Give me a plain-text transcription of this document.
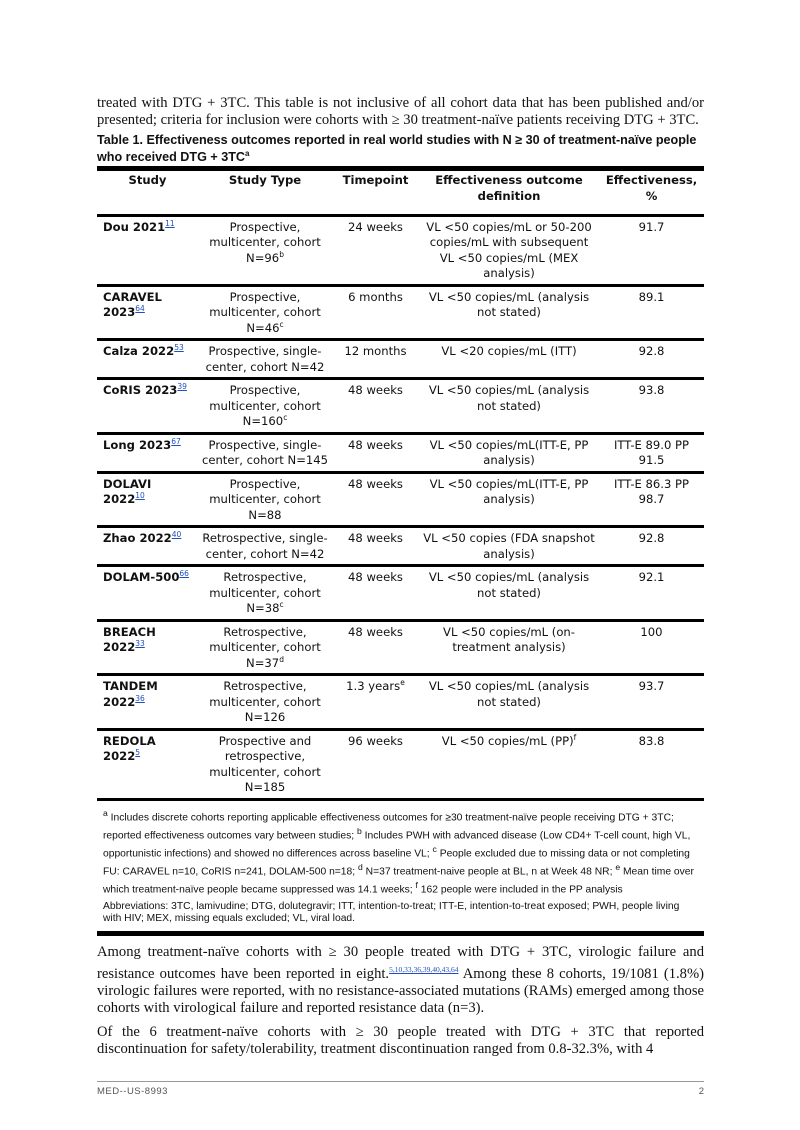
treated with DTG + 3TC. This table is not inclusive of all cohort data that has been published and/or presented; criteria for inclusion were cohorts with ≥ 30 treatment-naïve patients receiving DTG + 3TC.

Table 1. Effectiveness outcomes reported in real world studies with N ≥ 30 of treatment-naïve people who received DTG + $3TC^a$
Study	Study Type	Timepoint	Effectiveness outcome definition	Effectiveness, %
Dou 2021$^{11}$	Prospective, multicenter, cohort $N=96^b$	24 weeks	VL <50 copies/mL or 50-200 copies/mL with subsequent VL <50 copies/mL (MEX analysis)	91.7
CARAVEL 2023$^{64}$	Prospective, multicenter, cohort $N=46^c$	6 months	VL <50 copies/mL (analysis not stated)	89.1
Calza 2022$^{53}$	Prospective, single-center, cohort N=42	12 months	VL <20 copies/mL (ITT)	92.8
CoRIS 2023$^{39}$	Prospective, multicenter, cohort $N=160^c$	48 weeks	VL <50 copies/mL (analysis not stated)	93.8
Long 2023$^{67}$	Prospective, single-center, cohort N=145	48 weeks	VL <50 copies/mL(ITT-E, PP analysis)	ITT-E 89.0 PP 91.5
DOLAVI 2022$^{10}$	Prospective, multicenter, cohort N=88	48 weeks	VL <50 copies/mL(ITT-E, PP analysis)	ITT-E 86.3 PP 98.7
Zhao 2022$^{40}$	Retrospective, single-center, cohort N=42	48 weeks	VL <50 copies (FDA snapshot analysis)	92.8
DOLAM-$500^{66}$	Retrospective, multicenter, cohort $N=38^c$	48 weeks	VL <50 copies/mL (analysis not stated)	92.1
BREACH 2022$^{33}$	Retrospective, multicenter, cohort $N=37^d$	48 weeks	VL <50 copies/mL (on-treatment analysis)	100
TANDEM 2022$^{36}$	Retrospective, multicenter, cohort N=126	1.3 years$^e$	VL <50 copies/mL (analysis not stated)	93.7
REDOLA 2022$^5$	Prospective and retrospective, multicenter, cohort N=185	96 weeks	VL <50 copies/mL (PP)$^f$	83.8

$^a$ Includes discrete cohorts reporting applicable effectiveness outcomes for ≥30 treatment-naïve people receiving DTG + 3TC; reported effectiveness outcomes vary between studies; $^b$ Includes PWH with advanced disease (Low CD4+ T-cell count, high VL, opportunistic infections) and showed no differences across baseline VL; $^c$ People excluded due to missing data or not completing FU: CARAVEL n=10, CoRIS n=241, DOLAM-500 n=18; $^d$ N=37 treatment-naive people at BL, n at Week 48 NR; $^e$ Mean time over which treatment-naïve people became suppressed was 14.1 weeks; $^f$ 162 people were included in the PP analysis

Abbreviations: 3TC, lamivudine; DTG, dolutegravir; ITT, intention-to-treat; ITT-E, intention-to-treat exposed; PWH, people living with HIV; MEX, missing equals excluded; VL, viral load.

Among treatment-naïve cohorts with ≥ 30 people treated with DTG + 3TC, virologic failure and resistance outcomes have been reported in eight.$^{5,10,33,36,39,40,43,64}$ Among these 8 cohorts, 19/1081 (1.8%) virologic failures were reported, with no resistance-associated mutations (RAMs) emerged among those cohorts with virological failure and reported resistance data (n=3).

Of the 6 treatment-naïve cohorts with ≥ 30 people treated with DTG + 3TC that reported discontinuation for safety/tolerability, treatment discontinuation ranged from 0.8-32.3%, with 4

MED--US-8993	2
